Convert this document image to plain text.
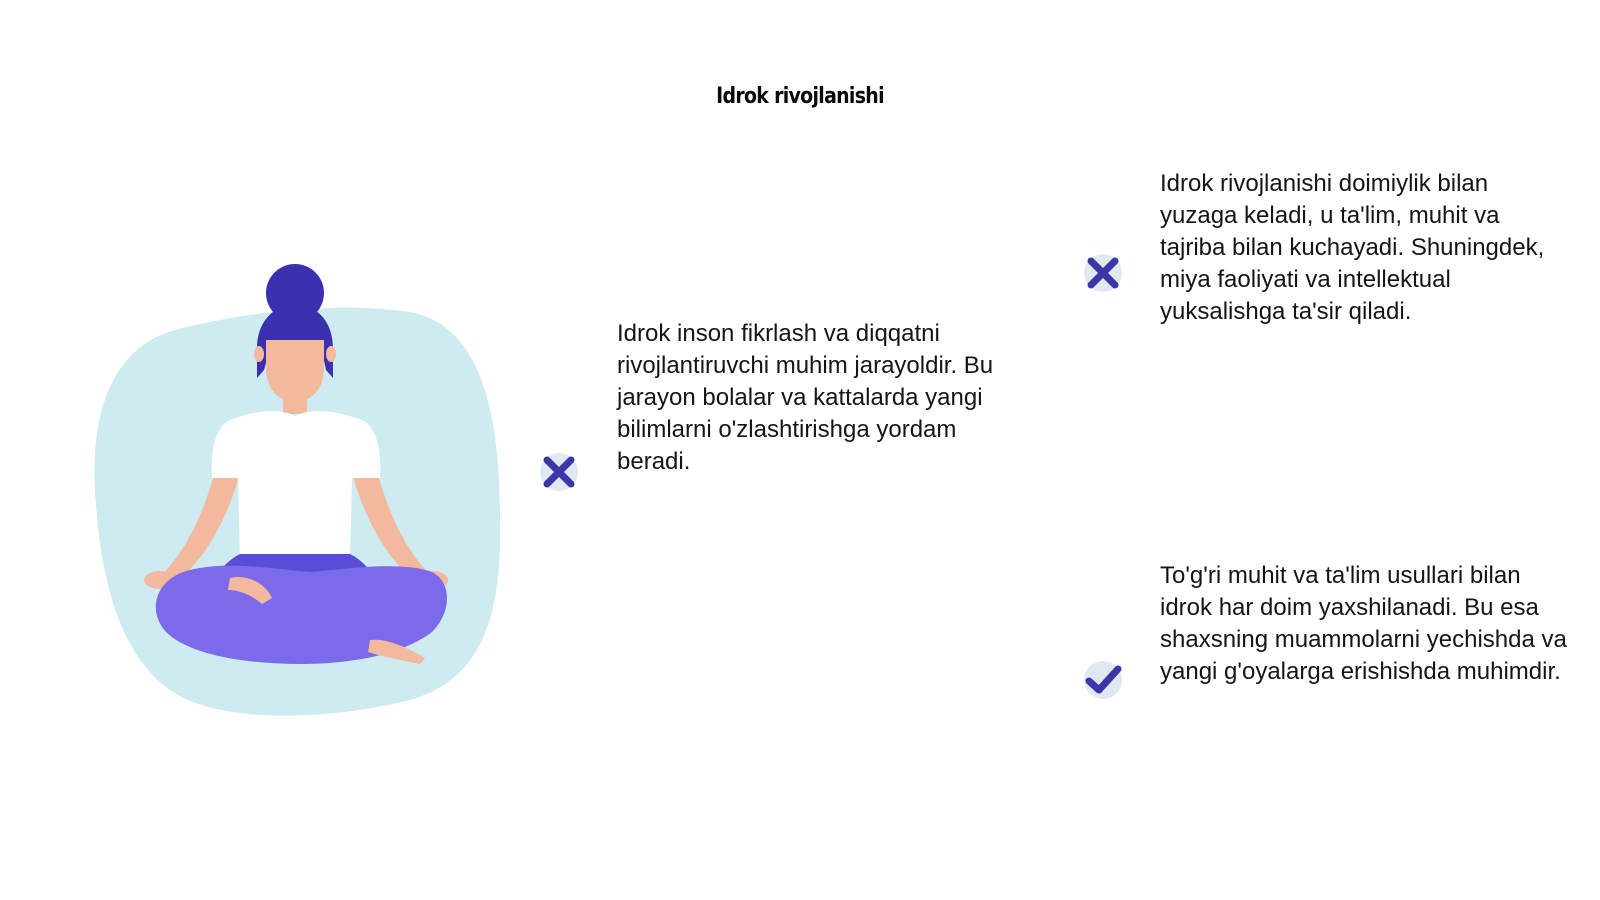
Idrok rivojlanishi

Idrok inson fikrlash va diqqatni rivojlantiruvchi muhim jarayoldir. Bu jarayon bolalar va kattalarda yangi bilimlarni o'zlashtirishga yordam beradi.

Idrok rivojlanishi doimiylik bilan yuzaga keladi, u ta'lim, muhit va tajriba bilan kuchayadi. Shuningdek, miya faoliyati va intellektual yuksalishga ta'sir qiladi.

To'g'ri muhit va ta'lim usullari bilan idrok har doim yaxshilanadi. Bu esa shaxsning muammolarni yechishda va yangi g'oyalarga erishishda muhimdir.
